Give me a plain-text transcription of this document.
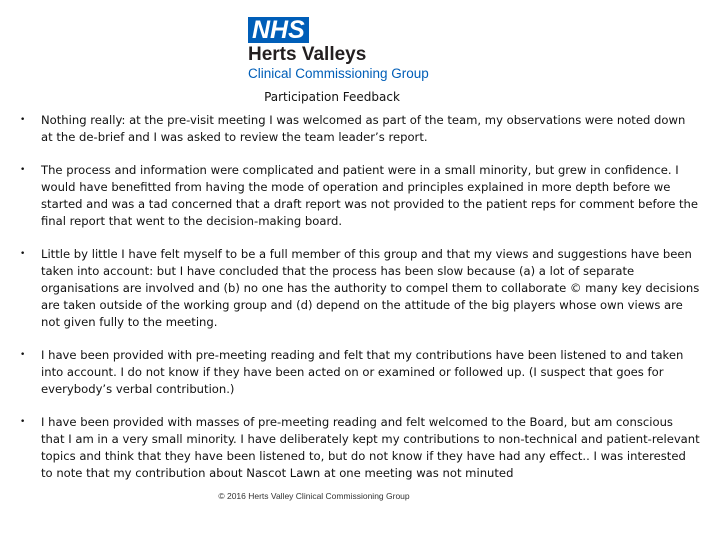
NHS
Herts Valleys
Clinical Commissioning Group
Participation Feedback
• Nothing really: at the pre-visit meeting I was welcomed as part of the team, my observations were noted down at the de-brief and I was asked to review the team leader’s report.
• The process and information were complicated and patient were in a small minority, but grew in confidence. I would have benefitted from having the mode of operation and principles explained in more depth before we started and was a tad concerned that a draft report was not provided to the patient reps for comment before the final report that went to the decision-making board.
• Little by little I have felt myself to be a full member of this group and that my views and suggestions have been taken into account: but I have concluded that the process has been slow because (a) a lot of separate organisations are involved and (b) no one has the authority to compel them to collaborate © many key decisions are taken outside of the working group and (d) depend on the attitude of the big players whose own views are not given fully to the meeting.
• I have been provided with pre-meeting reading and felt that my contributions have been listened to and taken into account. I do not know if they have been acted on or examined or followed up. (I suspect that goes for everybody’s verbal contribution.)
• I have been provided with masses of pre-meeting reading and felt welcomed to the Board, but am conscious that I am in a very small minority. I have deliberately kept my contributions to non-technical and patient-relevant topics and think that they have been listened to, but do not know if they have had any effect.. I was interested to note that my contribution about Nascot Lawn at one meeting was not minuted
© 2016 Herts Valley Clinical Commissioning Group
